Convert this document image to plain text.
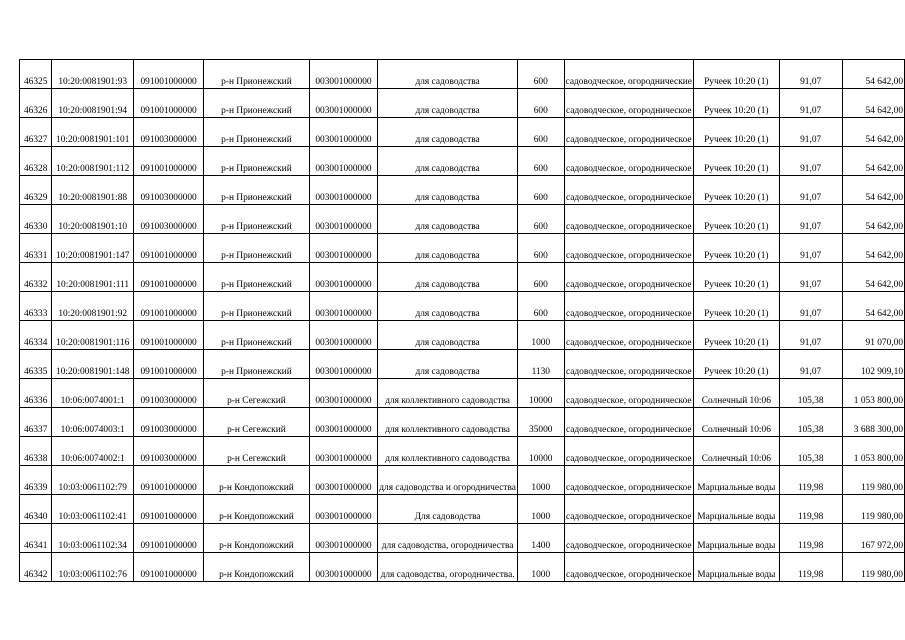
46325	10:20:0081901:93	091001000000	р-н Прионежский	003001000000	для садоводства	600	садоводческое, огороднические	Ручеек 10:20 (1)	91,07	54 642,00
46326	10:20:0081901:94	091001000000	р-н Прионежский	003001000000	для садоводства	600	садоводческое, огородническое	Ручеек 10:20 (1)	91,07	54 642,00
46327	10:20:0081901:101	091003000000	р-н Прионежский	003001000000	для садоводства	600	садоводческое, огородническое	Ручеек 10:20 (1)	91,07	54 642,00
46328	10:20:0081901:112	091001000000	р-н Прионежский	003001000000	для садоводства	600	садоводческое, огородническое	Ручеек 10:20 (1)	91,07	54 642,00
46329	10:20:0081901:88	091003000000	р-н Прионежский	003001000000	для садоводства	600	садоводческое, огородническое	Ручеек 10:20 (1)	91,07	54 642,00
46330	10:20:0081901:10	091003000000	р-н Прионежский	003001000000	для садоводства	600	садоводческое, огородническое	Ручеек 10:20 (1)	91,07	54 642,00
46331	10:20:0081901:147	091001000000	р-н Прионежский	003001000000	для садоводства	600	садоводческое, огородническое	Ручеек 10:20 (1)	91,07	54 642,00
46332	10:20:0081901:111	091001000000	р-н Прионежский	003001000000	для садоводства	600	садоводческое, огородническое	Ручеек 10:20 (1)	91,07	54 642,00
46333	10:20:0081901:92	091001000000	р-н Прионежский	003001000000	для садоводства	600	садоводческое, огородническое	Ручеек 10:20 (1)	91,07	54 642,00
46334	10:20:0081901:116	091001000000	р-н Прионежский	003001000000	для садоводства	1000	садоводческое, огородническое	Ручеек 10:20 (1)	91,07	91 070,00
46335	10:20:0081901:148	091001000000	р-н Прионежский	003001000000	для садоводства	1130	садоводческое, огородническое	Ручеек 10:20 (1)	91,07	102 909,10
46336	10:06:0074001:1	091003000000	р-н Сегежский	003001000000	для коллективного садоводства	10000	садоводческое, огородническое	Солнечный 10:06	105,38	1 053 800,00
46337	10:06:0074003:1	091003000000	р-н Сегежский	003001000000	для коллективного садоводства	35000	садоводческое, огородническое	Солнечный 10:06	105,38	3 688 300,00
46338	10:06:0074002:1	091003000000	р-н Сегежский	003001000000	для коллективного садоводства	10000	садоводческое, огородническое	Солнечный 10:06	105,38	1 053 800,00
46339	10:03:0061102:79	091001000000	р-н Кондопожский	003001000000	для садоводства и огородничества	1000	садоводческое, огородническое	Марциальные воды	119,98	119 980,00
46340	10:03:0061102:41	091001000000	р-н Кондопожский	003001000000	Для садоводства	1000	садоводческое, огородническое	Марциальные воды	119,98	119 980,00
46341	10:03:0061102:34	091001000000	р-н Кондопожский	003001000000	для садоводства, огородничества	1400	садоводческое, огородническое	Марциальные воды	119,98	167 972,00
46342	10:03:0061102:76	091001000000	р-н Кондопожский	003001000000	для садоводства, огородничества.	1000	садоводческое, огородническое	Марциальные воды	119,98	119 980,00
